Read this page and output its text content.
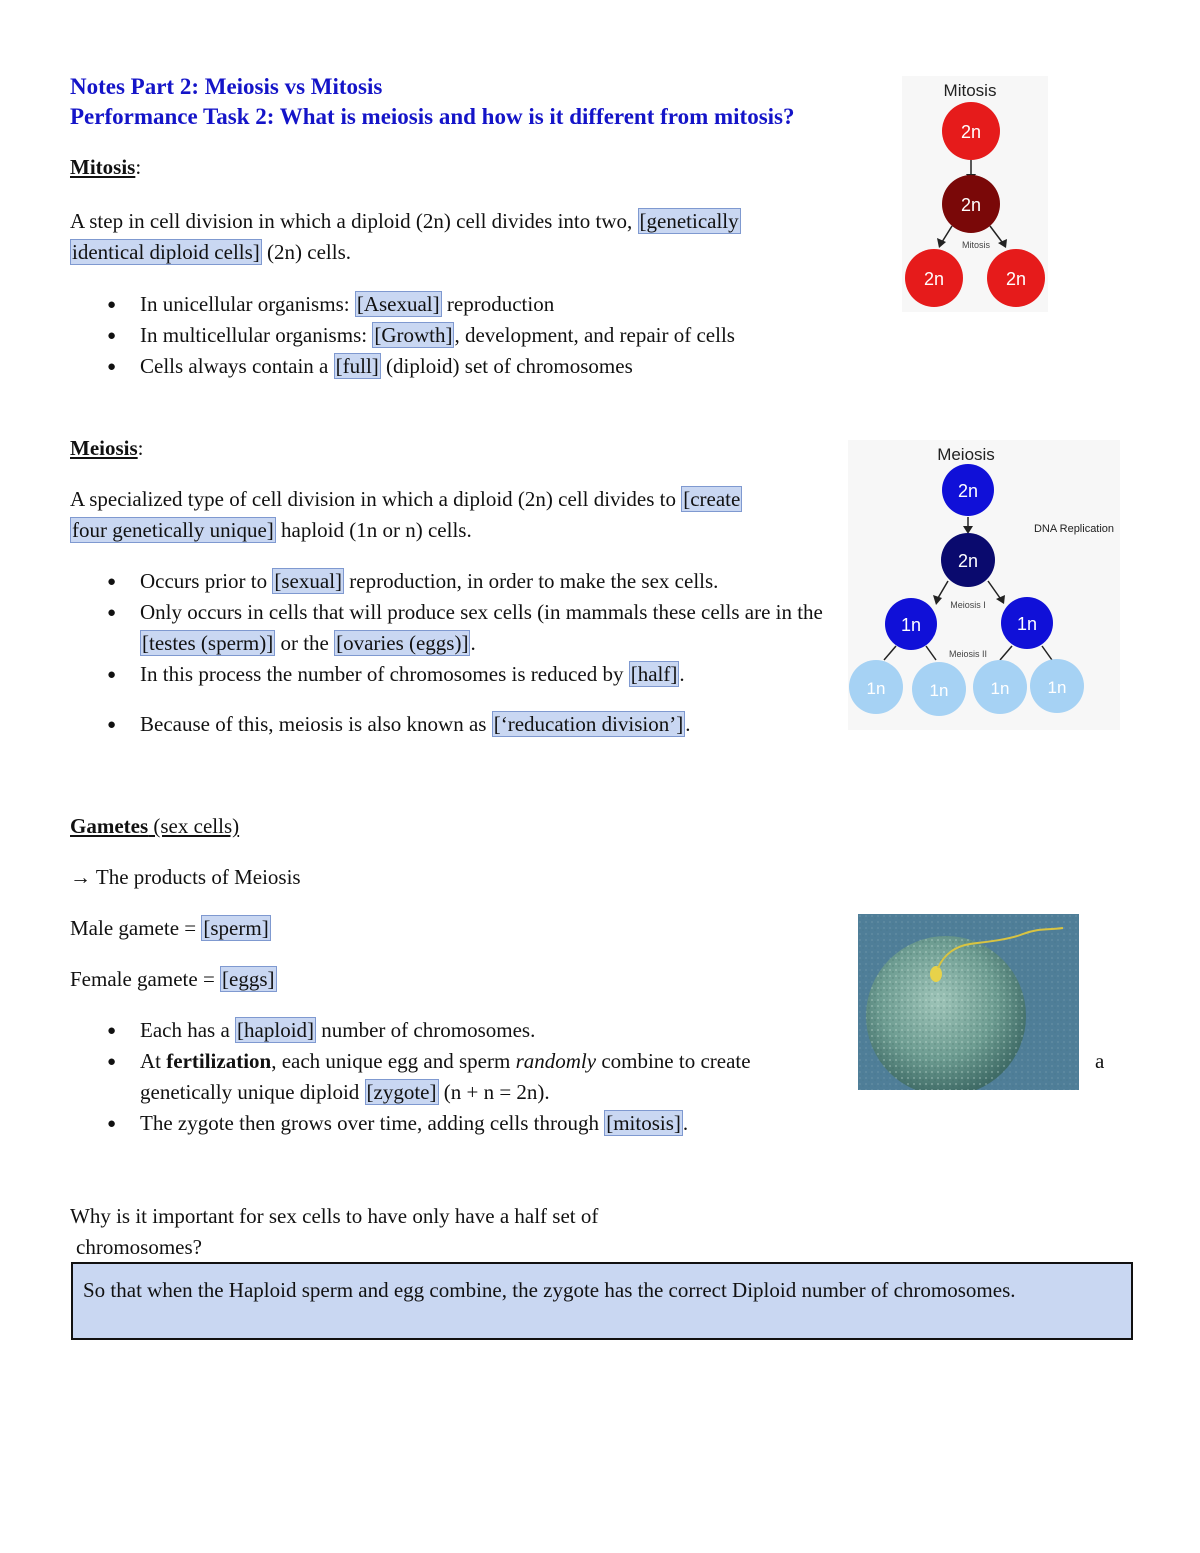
Notes Part 2: Meiosis vs Mitosis
Performance Task 2: What is meiosis and how is it different from mitosis?
Mitosis:
A step in cell division in which a diploid (2n) cell divides into two, [genetically
identical diploid cells] (2n) cells.
● In unicellular organisms: [Asexual] reproduction
● In multicellular organisms: [Growth], development, and repair of cells
● Cells always contain a [full] (diploid) set of chromosomes
Mitosis
2n
2n
Mitosis
2n	2n
Meiosis:
A specialized type of cell division in which a diploid (2n) cell divides to [create
four genetically unique] haploid (1n or n) cells.
● Occurs prior to [sexual] reproduction, in order to make the sex cells.
● Only occurs in cells that will produce sex cells (in mammals these cells are in the [testes (sperm)] or the [ovaries (eggs)].
● In this process the number of chromosomes is reduced by [half].
● Because of this, meiosis is also known as [‘reducation division’].
Meiosis
2n
DNA Replication
2n
Meiosis I
1n	1n
Meiosis II
1n	1n 1n 1n
Gametes (sex cells)
→ The products of Meiosis
Male gamete = [sperm]
Female gamete = [eggs]
● Each has a [haploid] number of chromosomes.
● At fertilization, each unique egg and sperm randomly combine to create
genetically unique diploid [zygote] (n + n = 2n).
● The zygote then grows over time, adding cells through [mitosis].
a
Why is it important for sex cells to have only have a half set of
chromosomes?
So that when the Haploid sperm and egg combine, the zygote has the correct Diploid number of chromosomes.
